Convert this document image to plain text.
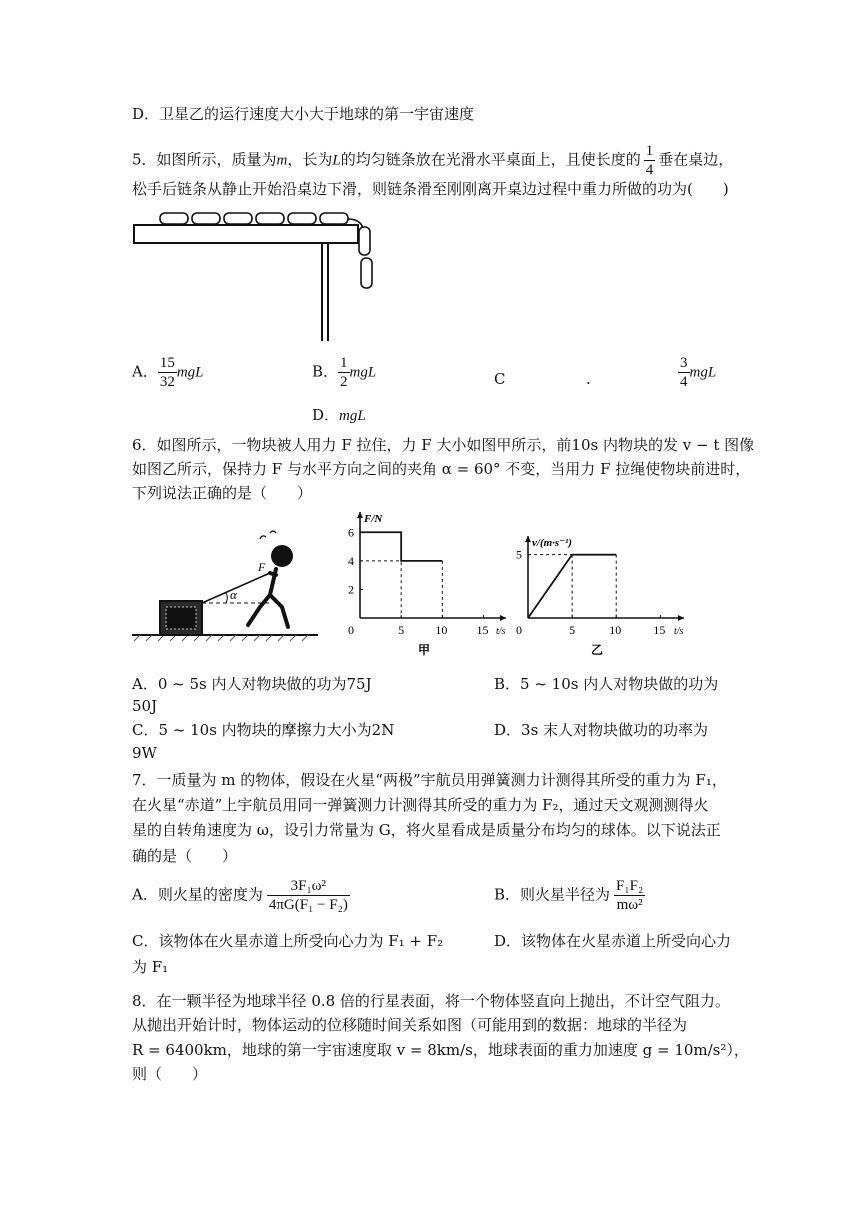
D．卫星乙的运行速度大小大于地球的第一宇宙速度
5．如图所示，质量为m，长为L的均匀链条放在光滑水平桌面上，且使长度的 $\frac{1}{4}$ 垂在桌边，
松手后链条从静止开始沿桌边下滑，则链条滑至刚刚离开桌边过程中重力所做的功为(　　)
A． $\frac{15}{32}$ mgL	B． $\frac{1}{2}$ mgL	C	.	$\frac{3}{4}$ mgL
D．mgL
6．如图所示，一物块被人用力 F 拉住，力 F 大小如图甲所示，前10s 内物块的发 v − t 图像
如图乙所示，保持力 F 与水平方向之间的夹角 α = 60° 不变，当用力 F 拉绳使物块前进时，
下列说法正确的是（　　）
α
F
F/N
t/s
0	5	10 15
2
4
6
甲
v/(m·s⁻¹)
t/s
0	5	10	15
5
乙
A．0 ~ 5s 内人对物块做的功为75J	B．5 ~ 10s 内人对物块做的功为
50J
C．5 ~ 10s 内物块的摩擦力大小为2N	D．3s 末人对物块做功的功率为
9W
7．一质量为 m 的物体，假设在火星“两极”宇航员用弹簧测力计测得其所受的重力为 F₁，
在火星“赤道”上宇航员用同一弹簧测力计测得其所受的重力为 F₂，通过天文观测测得火
星的自转角速度为 ω，设引力常量为 G，将火星看成是质量分布均匀的球体。以下说法正
确的是（　　）
A．则火星的密度为 $\frac{\text{3F₁ω²}}{\text{4πG(F₁ − F₂)}}$	B．则火星半径为 $\frac{\text{F₁F₂}}{\text{mω²}}$
C．该物体在火星赤道上所受向心力为 F₁ + F₂	D．该物体在火星赤道上所受向心力
为 F₁
8．在一颗半径为地球半径 0.8 倍的行星表面，将一个物体竖直向上抛出，不计空气阻力。
从抛出开始计时，物体运动的位移随时间关系如图（可能用到的数据：地球的半径为
R = 6400km，地球的第一宇宙速度取 v = 8km/s，地球表面的重力加速度 g = 10m/s²），
则（　　）
